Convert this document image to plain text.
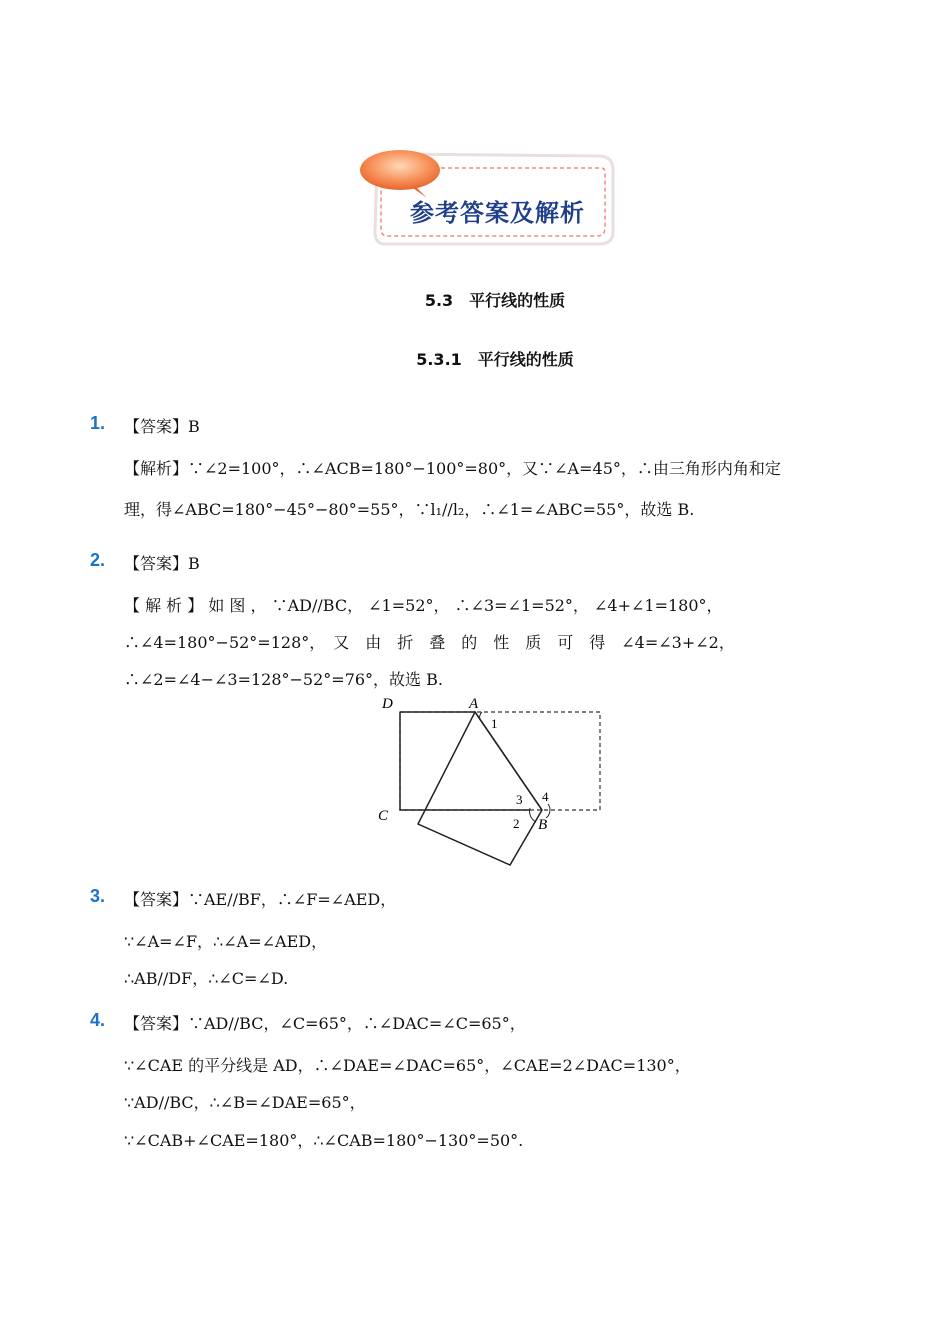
参考答案及解析
5.3　平行线的性质
5.3.1　平行线的性质
1. 【答案】B
【解析】∵∠2=100°，∴∠ACB=180°−100°=80°，又∵∠A=45°，∴由三角形内角和定
理，得∠ABC=180°−45°−80°=55°，∵l₁//l₂，∴∠1=∠ABC=55°，故选 B.
2. 【答案】B
【 解 析 】 如 图 ， ∵AD//BC， ∠1=52°， ∴∠3=∠1=52°， ∠4+∠1=180°，
∴∠4=180°−52°=128°，　又　由　折　叠　的　性　质　可　得　∠4=∠3+∠2，
∴∠2=∠4−∠3=128°−52°=76°，故选 B.
D	A
C
B
1
2
3 4
3. 【答案】∵AE//BF，∴∠F=∠AED，
∵∠A=∠F，∴∠A=∠AED，
∴AB//DF，∴∠C=∠D.
4. 【答案】∵AD//BC，∠C=65°，∴∠DAC=∠C=65°，
∵∠CAE 的平分线是 AD，∴∠DAE=∠DAC=65°，∠CAE=2∠DAC=130°，
∵AD//BC，∴∠B=∠DAE=65°，
∵∠CAB+∠CAE=180°，∴∠CAB=180°−130°=50°.
